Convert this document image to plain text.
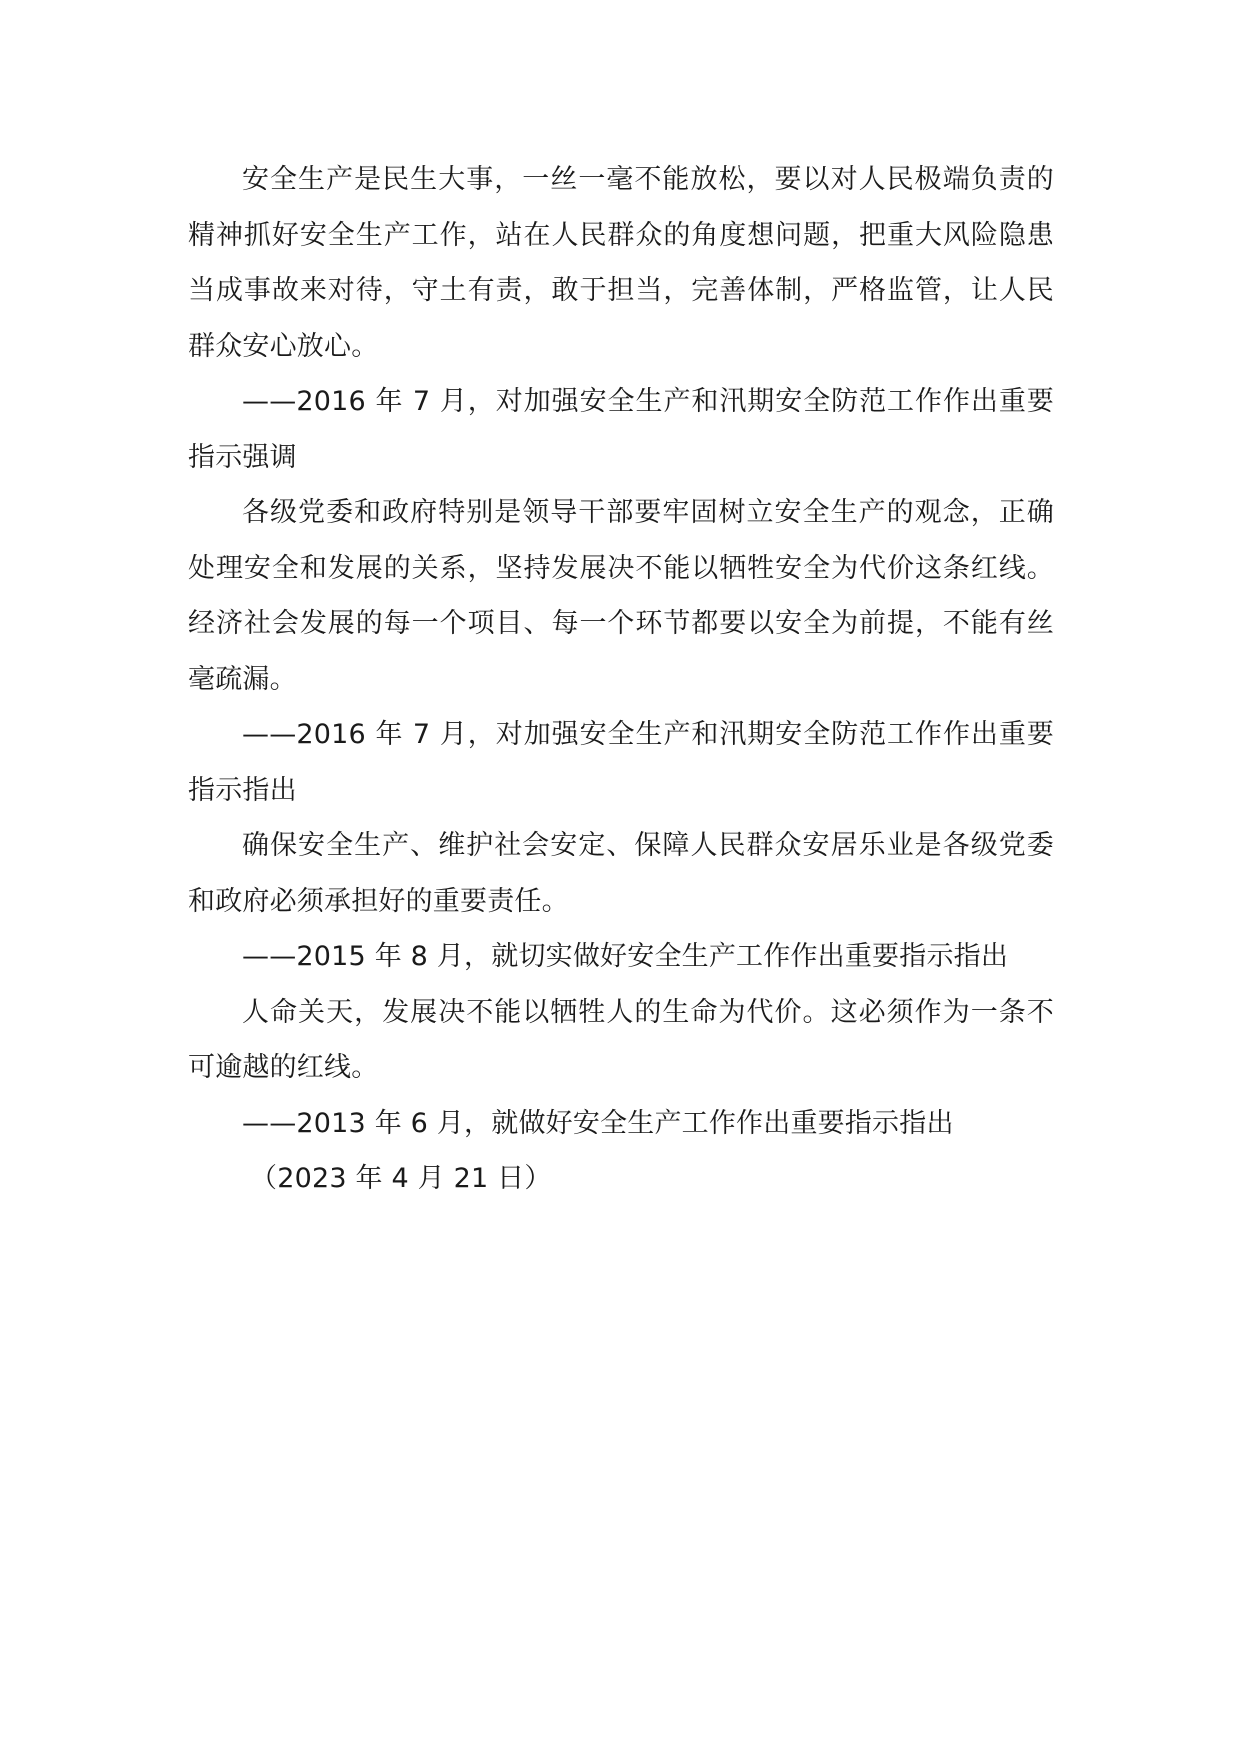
安全生产是民生大事，一丝一毫不能放松，要以对人民极端负责的精神抓好安全生产工作，站在人民群众的角度想问题，把重大风险隐患当成事故来对待，守土有责，敢于担当，完善体制，严格监管，让人民群众安心放心。

——2016 年 7 月，对加强安全生产和汛期安全防范工作作出重要指示强调

各级党委和政府特别是领导干部要牢固树立安全生产的观念，正确处理安全和发展的关系，坚持发展决不能以牺牲安全为代价这条红线。经济社会发展的每一个项目、每一个环节都要以安全为前提，不能有丝毫疏漏。

——2016 年 7 月，对加强安全生产和汛期安全防范工作作出重要指示指出

确保安全生产、维护社会安定、保障人民群众安居乐业是各级党委和政府必须承担好的重要责任。

——2015 年 8 月，就切实做好安全生产工作作出重要指示指出

人命关天，发展决不能以牺牲人的生命为代价。这必须作为一条不可逾越的红线。

——2013 年 6 月，就做好安全生产工作作出重要指示指出

（2023 年 4 月 21 日）
